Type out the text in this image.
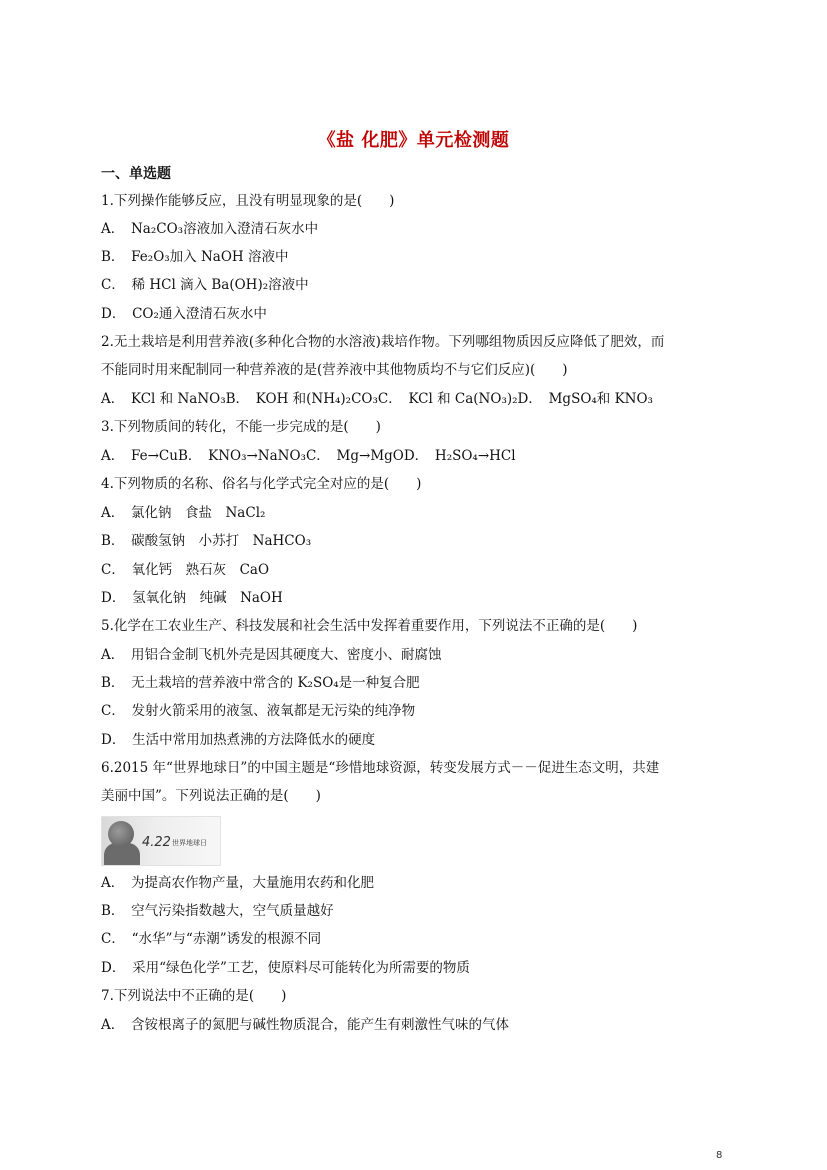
《盐 化肥》单元检测题
一、单选题
1.下列操作能够反应，且没有明显现象的是(　　)
A．　Na₂CO₃溶液加入澄清石灰水中
B．　Fe₂O₃加入 NaOH 溶液中
C．　稀 HCl 滴入 Ba(OH)₂溶液中
D．　CO₂通入澄清石灰水中
2.无土栽培是利用营养液(多种化合物的水溶液)栽培作物。下列哪组物质因反应降低了肥效，而
不能同时用来配制同一种营养液的是(营养液中其他物质均不与它们反应)(　　)
A．　KCl 和 NaNO₃B．　KOH 和(NH₄)₂CO₃C．　KCl 和 Ca(NO₃)₂D．　MgSO₄和 KNO₃
3.下列物质间的转化，不能一步完成的是(　　)
A．　Fe→CuB．　KNO₃→NaNO₃C．　Mg→MgOD．　H₂SO₄→HCl
4.下列物质的名称、俗名与化学式完全对应的是(　　)
A．　氯化钠　食盐　NaCl₂
B．　碳酸氢钠　小苏打　NaHCO₃
C．　氧化钙　熟石灰　CaO
D．　氢氧化钠　纯碱　NaOH
5.化学在工农业生产、科技发展和社会生活中发挥着重要作用，下列说法不正确的是(　　)
A．　用铝合金制飞机外壳是因其硬度大、密度小、耐腐蚀
B．　无土栽培的营养液中常含的 K₂SO₄是一种复合肥
C．　发射火箭采用的液氢、液氧都是无污染的纯净物
D．　生活中常用加热煮沸的方法降低水的硬度
6.2015 年“世界地球日”的中国主题是“珍惜地球资源，转变发展方式－－促进生态文明，共建
美丽中国”。下列说法正确的是(　　)
4.22 世界地球日
A．　为提高农作物产量，大量施用农药和化肥
B．　空气污染指数越大，空气质量越好
C．　“水华”与“赤潮”诱发的根源不同
D．　采用“绿色化学”工艺，使原料尽可能转化为所需要的物质
7.下列说法中不正确的是(　　)
A．　含铵根离子的氮肥与碱性物质混合，能产生有刺激性气味的气体
8
